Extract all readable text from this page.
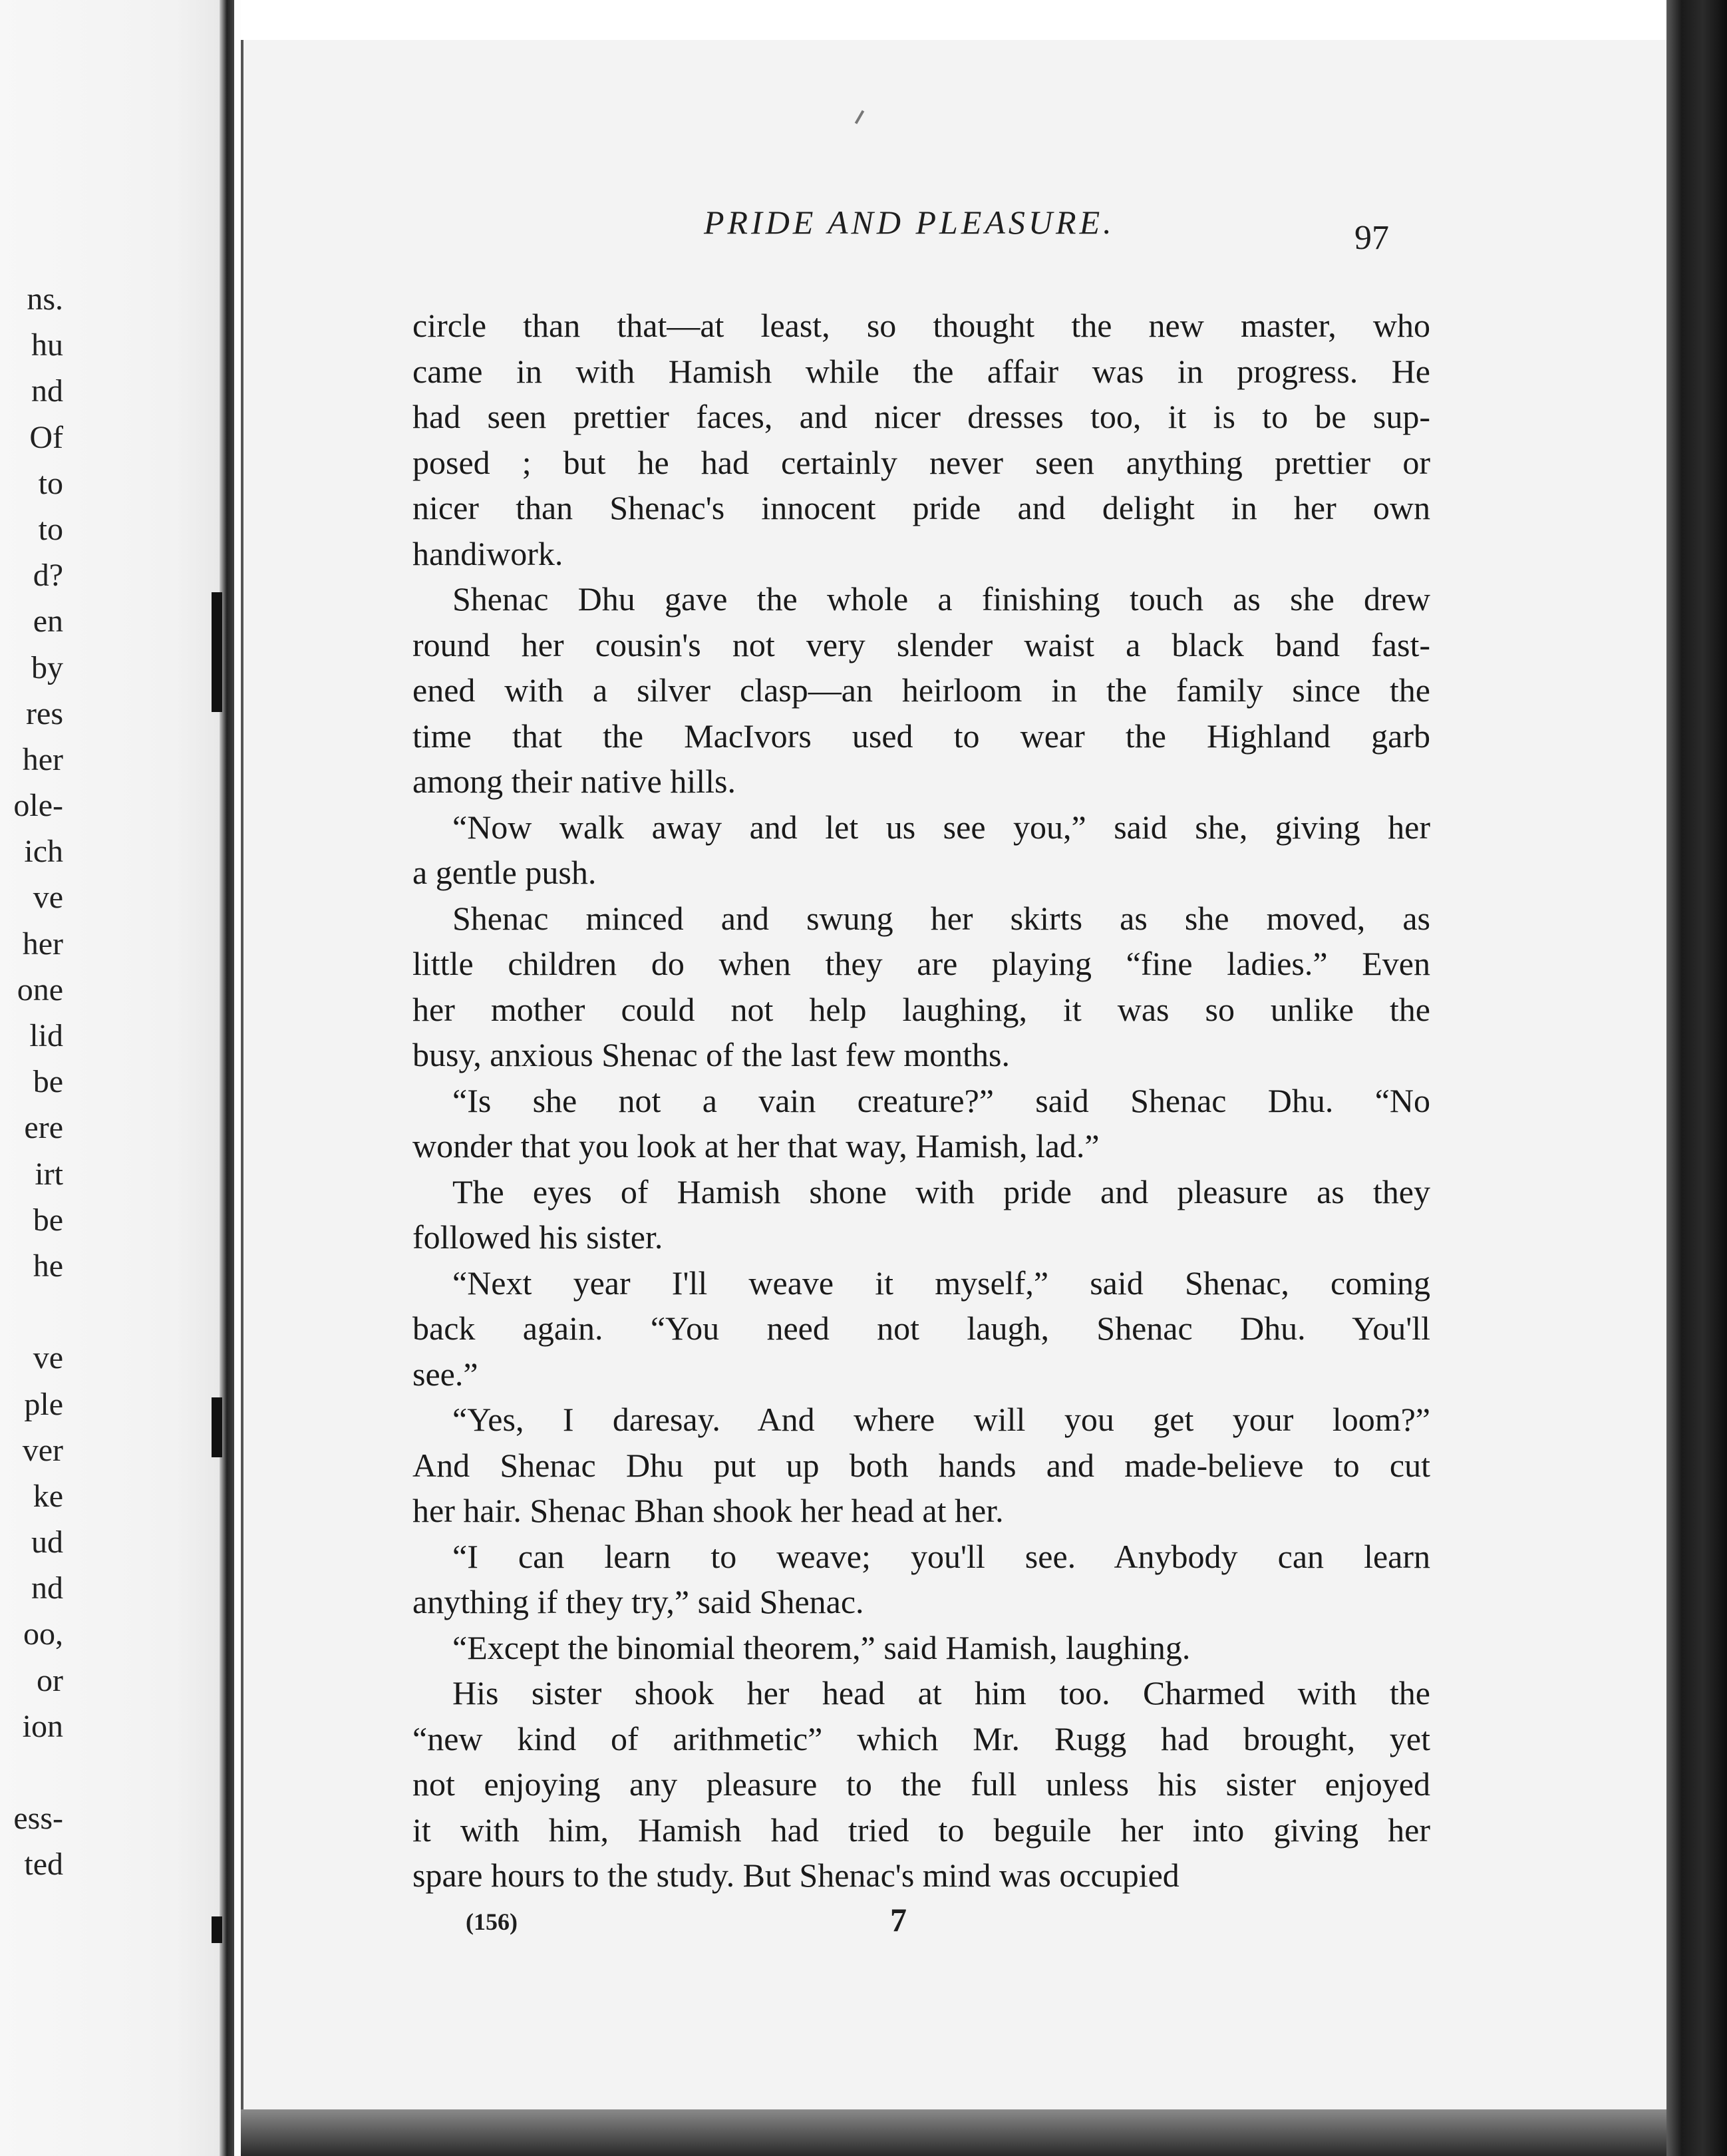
ns.
hu
nd
Of
to
to
d?
en
by
res
her
ole-
ich
ve
her
one
lid
be
ere
irt
be
he
ve
ple
ver
ke
ud
nd
oo,
or
ion
ess-
ted
PRIDE AND PLEASURE.	97
circle than that—at least, so thought the new master, who
came in with Hamish while the affair was in progress. He
had seen prettier faces, and nicer dresses too, it is to be sup-
posed ; but he had certainly never seen anything prettier or
nicer than Shenac's innocent pride and delight in her own
handiwork.
Shenac Dhu gave the whole a finishing touch as she drew
round her cousin's not very slender waist a black band fast-
ened with a silver clasp—an heirloom in the family since the
time that the MacIvors used to wear the Highland garb
among their native hills.
“Now walk away and let us see you,” said she, giving her
a gentle push.
Shenac minced and swung her skirts as she moved, as
little children do when they are playing “fine ladies.” Even
her mother could not help laughing, it was so unlike the
busy, anxious Shenac of the last few months.
“Is she not a vain creature?” said Shenac Dhu. “No
wonder that you look at her that way, Hamish, lad.”
The eyes of Hamish shone with pride and pleasure as they
followed his sister.
“Next year I'll weave it myself,” said Shenac, coming
back again. “You need not laugh, Shenac Dhu. You'll
see.”
“Yes, I daresay. And where will you get your loom?”
And Shenac Dhu put up both hands and made-believe to cut
her hair. Shenac Bhan shook her head at her.
“I can learn to weave; you'll see. Anybody can learn
anything if they try,” said Shenac.
“Except the binomial theorem,” said Hamish, laughing.
His sister shook her head at him too. Charmed with the
“new kind of arithmetic” which Mr. Rugg had brought, yet
not enjoying any pleasure to the full unless his sister enjoyed
it with him, Hamish had tried to beguile her into giving her
spare hours to the study. But Shenac's mind was occupied
(156)	7
